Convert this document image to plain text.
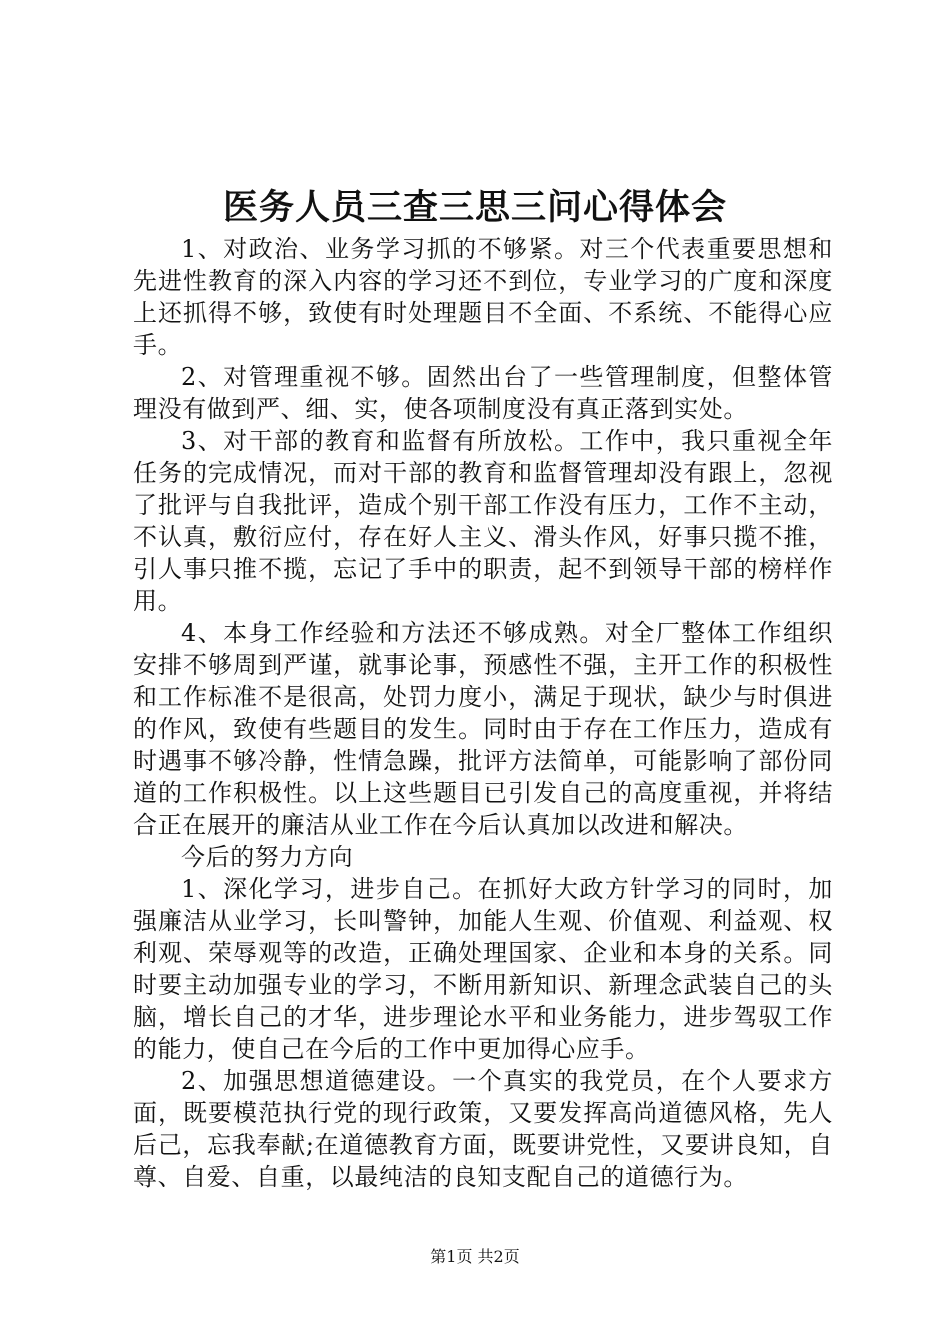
医务人员三查三思三问心得体会

1、对政治、业务学习抓的不够紧。对三个代表重要思想和先进性教育的深入内容的学习还不到位，专业学习的广度和深度上还抓得不够，致使有时处理题目不全面、不系统、不能得心应手。

2、对管理重视不够。固然出台了一些管理制度，但整体管理没有做到严、细、实，使各项制度没有真正落到实处。

3、对干部的教育和监督有所放松。工作中，我只重视全年任务的完成情况，而对干部的教育和监督管理却没有跟上，忽视了批评与自我批评，造成个别干部工作没有压力，工作不主动，不认真，敷衍应付，存在好人主义、滑头作风，好事只揽不推，引人事只推不揽，忘记了手中的职责，起不到领导干部的榜样作用。

4、本身工作经验和方法还不够成熟。对全厂整体工作组织安排不够周到严谨，就事论事，预感性不强，主开工作的积极性和工作标准不是很高，处罚力度小，满足于现状，缺少与时俱进的作风，致使有些题目的发生。同时由于存在工作压力，造成有时遇事不够冷静，性情急躁，批评方法简单，可能影响了部份同道的工作积极性。以上这些题目已引发自己的高度重视，并将结合正在展开的廉洁从业工作在今后认真加以改进和解决。

今后的努力方向

1、深化学习，进步自己。在抓好大政方针学习的同时，加强廉洁从业学习，长叫警钟，加能人生观、价值观、利益观、权利观、荣辱观等的改造，正确处理国家、企业和本身的关系。同时要主动加强专业的学习，不断用新知识、新理念武装自己的头脑，增长自己的才华，进步理论水平和业务能力，进步驾驭工作的能力，使自己在今后的工作中更加得心应手。

2、加强思想道德建设。一个真实的我党员，在个人要求方面，既要模范执行党的现行政策，又要发挥高尚道德风格，先人后己，忘我奉献;在道德教育方面，既要讲党性，又要讲良知，自尊、自爱、自重，以最纯洁的良知支配自己的道德行为。

第1页 共2页
